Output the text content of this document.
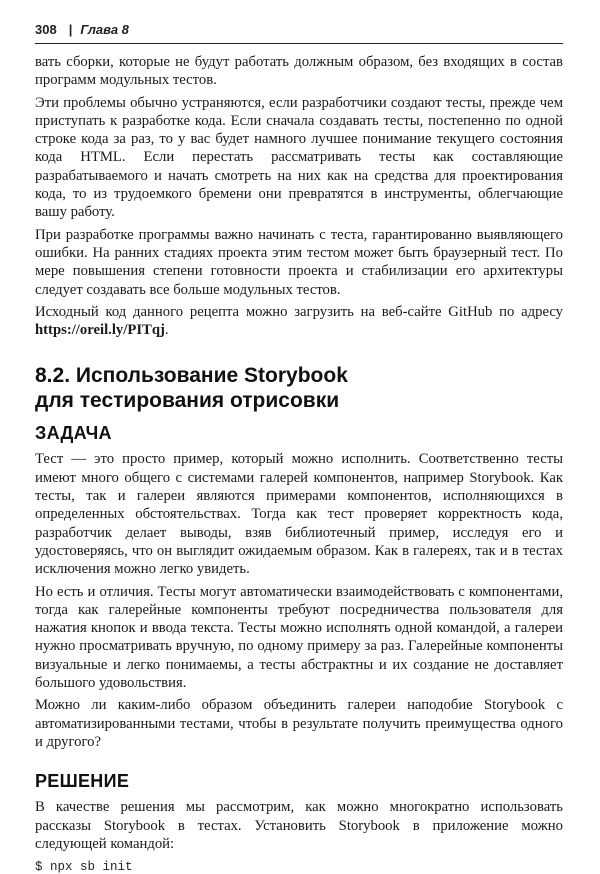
308 | Глава 8

вать сборки, которые не будут работать должным образом, без входящих в состав программ модульных тестов.

Эти проблемы обычно устраняются, если разработчики создают тесты, прежде чем приступать к разработке кода. Если сначала создавать тесты, постепенно по одной строке кода за раз, то у вас будет намного лучшее понимание текущего состояния кода HTML. Если перестать рассматривать тесты как составляющие разрабатываемого и начать смотреть на них как на средства для проектирования кода, то из трудоемкого бремени они превратятся в инструменты, облегчающие вашу работу.

При разработке программы важно начинать с теста, гарантированно выявляющего ошибки. На ранних стадиях проекта этим тестом может быть браузерный тест. По мере повышения степени готовности проекта и стабилизации его архитектуры следует создавать все больше модульных тестов.

Исходный код данного рецепта можно загрузить на веб-сайте GitHub по адресу https://oreil.ly/PITqj.

8.2. Использование Storybook
для тестирования отрисовки
ЗАДАЧА

Тест — это просто пример, который можно исполнить. Соответственно тесты имеют много общего с системами галерей компонентов, например Storybook. Как тесты, так и галереи являются примерами компонентов, исполняющихся в определенных обстоятельствах. Тогда как тест проверяет корректность кода, разработчик делает выводы, взяв библиотечный пример, исследуя его и удостоверяясь, что он выглядит ожидаемым образом. Как в галереях, так и в тестах исключения можно легко увидеть.

Но есть и отличия. Тесты могут автоматически взаимодействовать с компонентами, тогда как галерейные компоненты требуют посредничества пользователя для нажатия кнопок и ввода текста. Тесты можно исполнять одной командой, а галереи нужно просматривать вручную, по одному примеру за раз. Галерейные компоненты визуальные и легко понимаемы, а тесты абстрактны и их создание не доставляет большого удовольствия.

Можно ли каким-либо образом объединить галереи наподобие Storybook с автоматизированными тестами, чтобы в результате получить преимущества одного и другого?

РЕШЕНИЕ

В качестве решения мы рассмотрим, как можно многократно использовать рассказы Storybook в тестах. Установить Storybook в приложение можно следующей командой:

$ npx sb init
